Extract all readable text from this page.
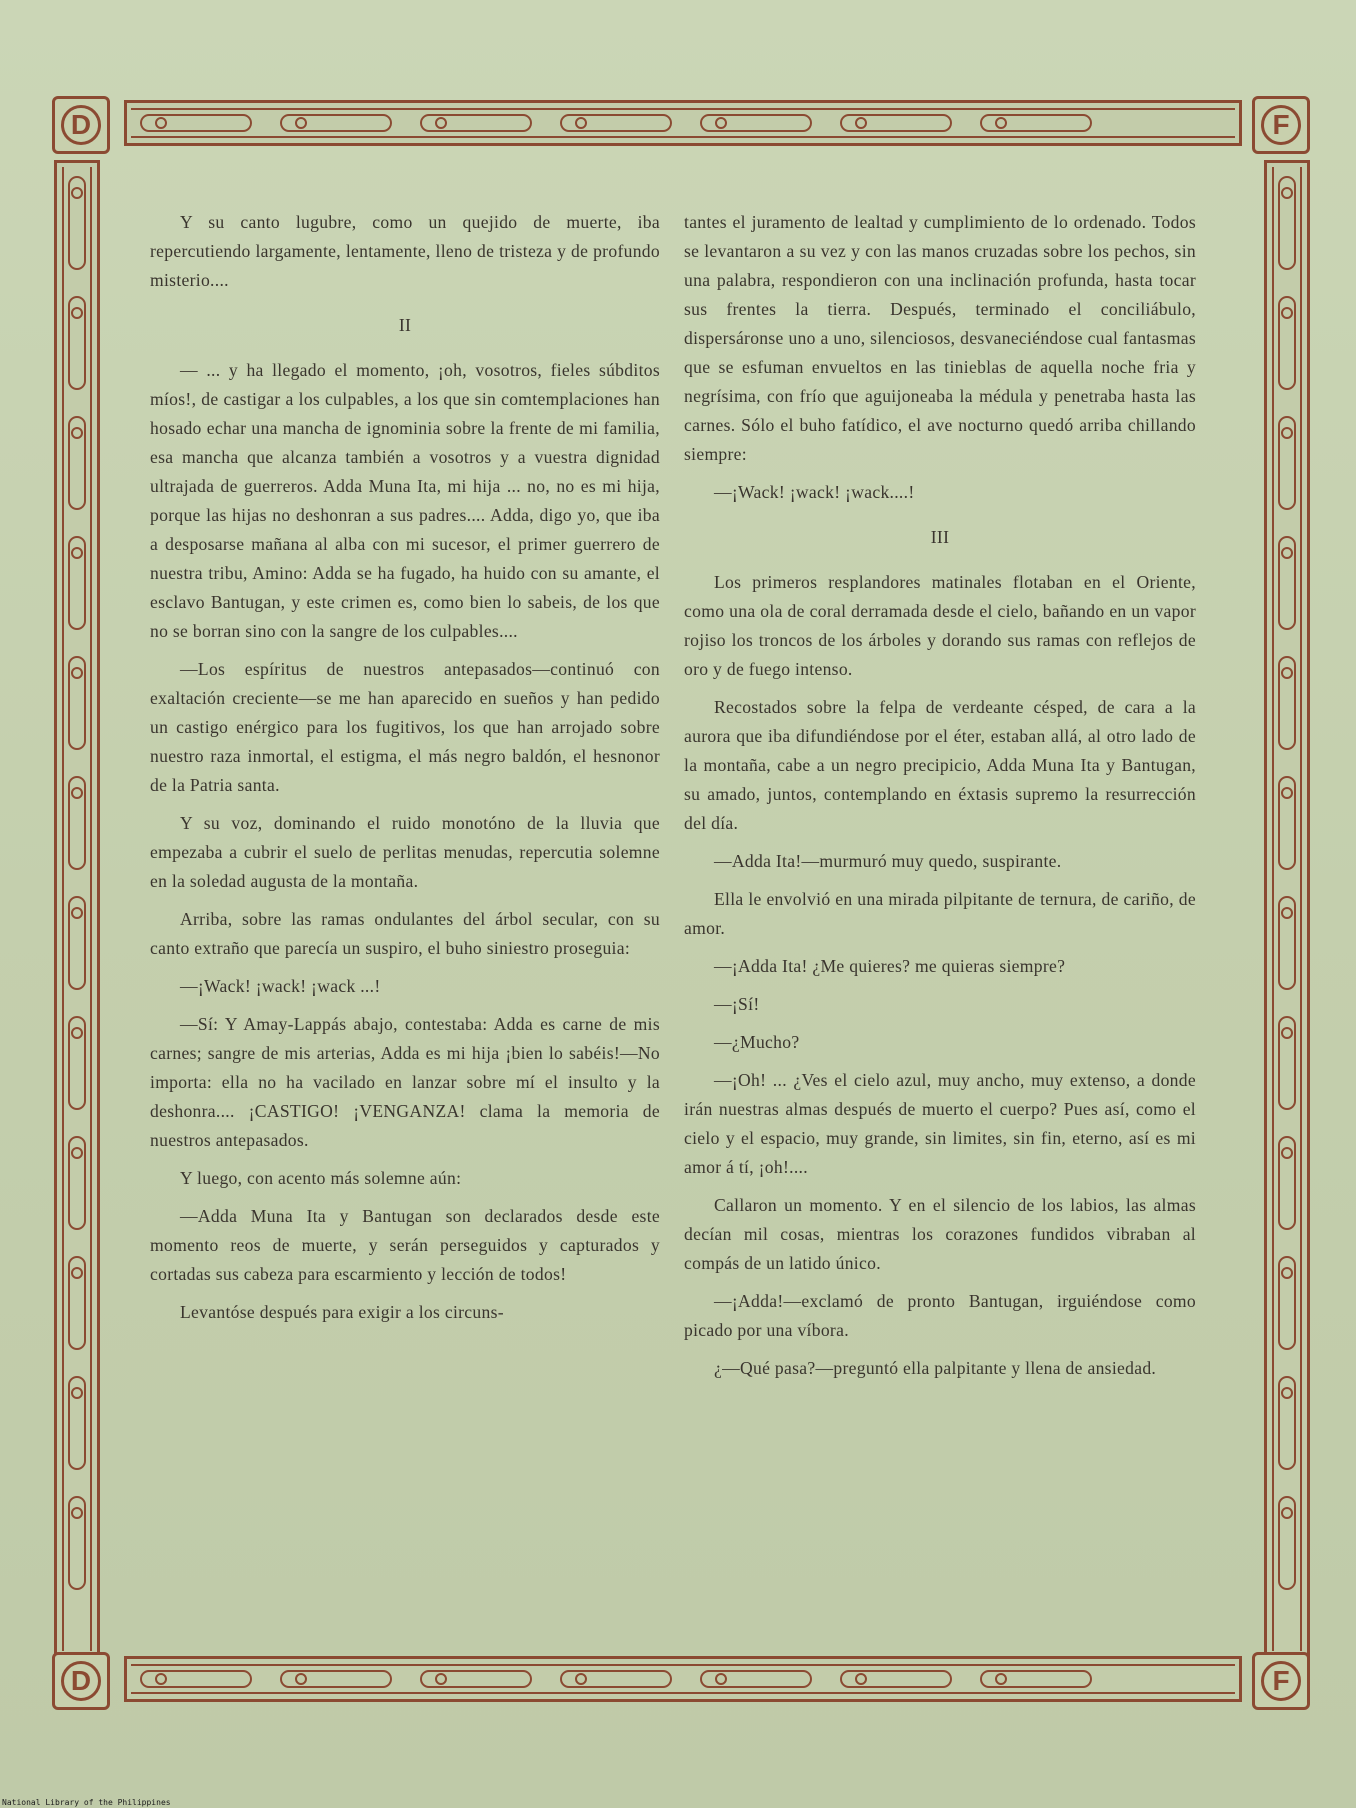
D	F
D	F

Y su canto lugubre, como un quejido de muerte, iba repercutiendo largamente, lentamente, lleno de tristeza y de profundo misterio....

II

— ... y ha llegado el momento, ¡oh, vosotros, fieles súbditos míos!, de castigar a los culpables, a los que sin comtemplaciones han hosado echar una mancha de ignominia sobre la frente de mi familia, esa mancha que alcanza también a vosotros y a vuestra dignidad ultrajada de guerreros. Adda Muna Ita, mi hija ... no, no es mi hija, porque las hijas no deshonran a sus padres.... Adda, digo yo, que iba a desposarse mañana al alba con mi sucesor, el primer guerrero de nuestra tribu, Amino: Adda se ha fugado, ha huido con su amante, el esclavo Bantugan, y este crimen es, como bien lo sabeis, de los que no se borran sino con la sangre de los culpables....

—Los espíritus de nuestros antepasados—continuó con exaltación creciente—se me han aparecido en sueños y han pedido un castigo enérgico para los fugitivos, los que han arrojado sobre nuestro raza inmortal, el estigma, el más negro baldón, el hesnonor de la Patria santa.

Y su voz, dominando el ruido monotóno de la lluvia que empezaba a cubrir el suelo de perlitas menudas, repercutia solemne en la soledad augusta de la montaña.

Arriba, sobre las ramas ondulantes del árbol secular, con su canto extraño que parecía un suspiro, el buho siniestro proseguia:

—¡Wack! ¡wack! ¡wack ...!

—Sí: Y Amay-Lappás abajo, contestaba: Adda es carne de mis carnes; sangre de mis arterias, Adda es mi hija ¡bien lo sabéis!—No importa: ella no ha vacilado en lanzar sobre mí el insulto y la deshonra.... ¡CASTIGO! ¡VENGANZA! clama la memoria de nuestros antepasados.

Y luego, con acento más solemne aún:

—Adda Muna Ita y Bantugan son declarados desde este momento reos de muerte, y serán perseguidos y capturados y cortadas sus cabeza para escarmiento y lección de todos!

Levantóse después para exigir a los circuns-

tantes el juramento de lealtad y cumplimiento de lo ordenado. Todos se levantaron a su vez y con las manos cruzadas sobre los pechos, sin una palabra, respondieron con una inclinación profunda, hasta tocar sus frentes la tierra. Después, terminado el conciliábulo, dispersáronse uno a uno, silenciosos, desvaneciéndose cual fantasmas que se esfuman envueltos en las tinieblas de aquella noche fria y negrísima, con frío que aguijoneaba la médula y penetraba hasta las carnes. Sólo el buho fatídico, el ave nocturno quedó arriba chillando siempre:

—¡Wack! ¡wack! ¡wack....!

III

Los primeros resplandores matinales flotaban en el Oriente, como una ola de coral derramada desde el cielo, bañando en un vapor rojiso los troncos de los árboles y dorando sus ramas con reflejos de oro y de fuego intenso.

Recostados sobre la felpa de verdeante césped, de cara a la aurora que iba difundiéndose por el éter, estaban allá, al otro lado de la montaña, cabe a un negro precipicio, Adda Muna Ita y Bantugan, su amado, juntos, contemplando en éxtasis supremo la resurrección del día.

—Adda Ita!—murmuró muy quedo, suspirante.

Ella le envolvió en una mirada pilpitante de ternura, de cariño, de amor.

—¡Adda Ita! ¿Me quieres? me quieras siempre?

—¡Sí!

—¿Mucho?

—¡Oh! ... ¿Ves el cielo azul, muy ancho, muy extenso, a donde irán nuestras almas después de muerto el cuerpo? Pues así, como el cielo y el espacio, muy grande, sin limites, sin fin, eterno, así es mi amor á tí, ¡oh!....

Callaron un momento. Y en el silencio de los labios, las almas decían mil cosas, mientras los corazones fundidos vibraban al compás de un latido único.

—¡Adda!—exclamó de pronto Bantugan, irguiéndose como picado por una víbora.

¿—Qué pasa?—preguntó ella palpitante y llena de ansiedad.

National Library of the Philippines
